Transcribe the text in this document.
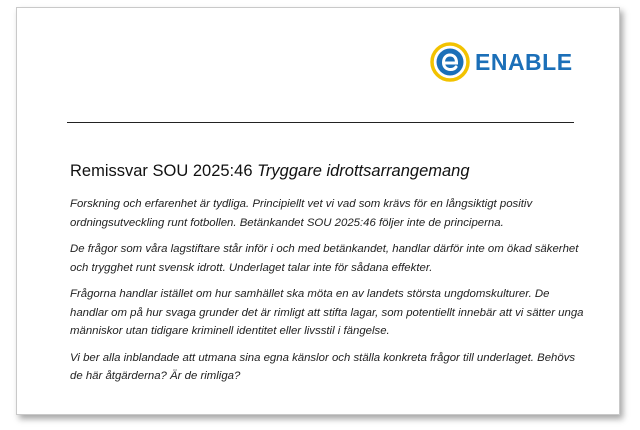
ENABLE
Remissvar SOU 2025:46 Tryggare idrottsarrangemang

Forskning och erfarenhet är tydliga. Principiellt vet vi vad som krävs för en långsiktigt positiv ordningsutveckling runt fotbollen. Betänkandet SOU 2025:46 följer inte de principerna.

De frågor som våra lagstiftare står inför i och med betänkandet, handlar därför inte om ökad säkerhet och trygghet runt svensk idrott. Underlaget talar inte för sådana effekter.

Frågorna handlar istället om hur samhället ska möta en av landets största ungdomskulturer. De handlar om på hur svaga grunder det är rimligt att stifta lagar, som potentiellt innebär att vi sätter unga människor utan tidigare kriminell identitet eller livsstil i fängelse.

Vi ber alla inblandade att utmana sina egna känslor och ställa konkreta frågor till underlaget. Behövs de här åtgärderna? Är de rimliga?
